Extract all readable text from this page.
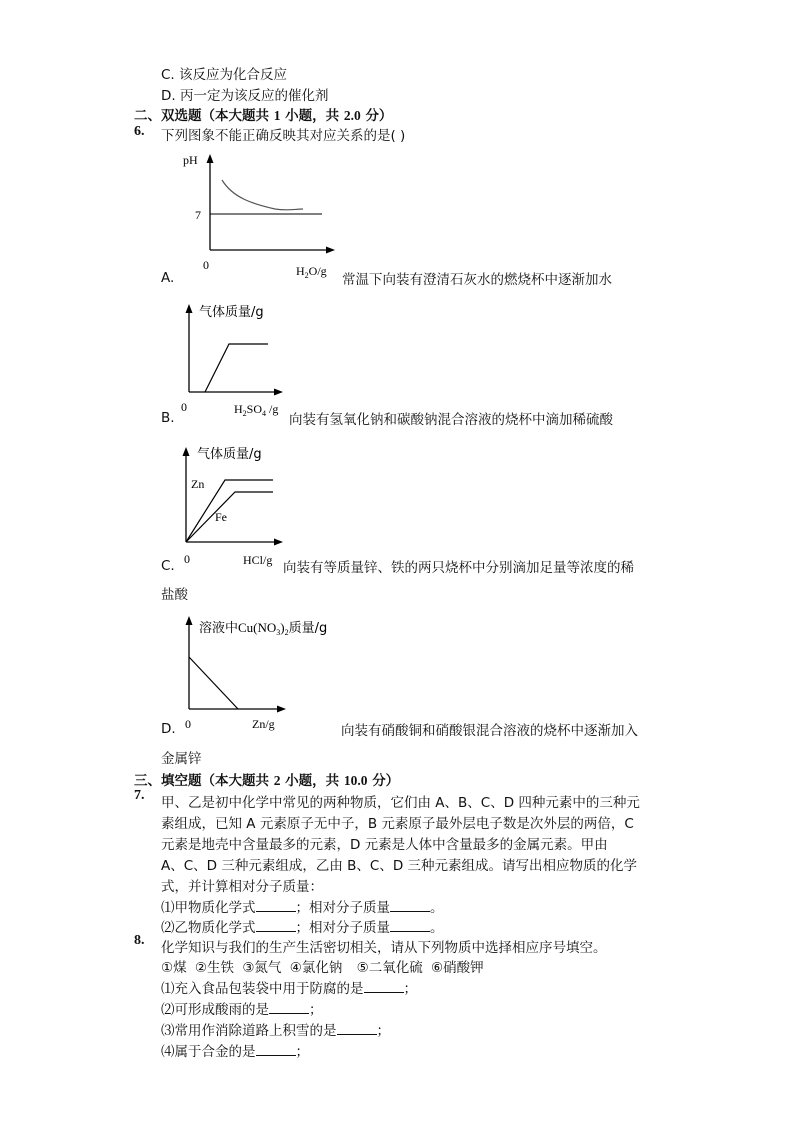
C. 该反应为化合反应
D. 丙一定为该反应的催化剂
二、双选题（本大题共 1 小题，共 2.0 分）
6. 下列图象不能正确反映其对应关系的是( )
pH
7
0	$H_2O/g$
A.	常温下向装有澄清石灰水的燃烧杯中逐渐加水
气体质量/g
0	$H_2SO_4$ /g
B.	向装有氢氧化钠和碳酸钠混合溶液的烧杯中滴加稀硫酸
气体质量/g
Zn
Fe
0	HCl/g
C.	向装有等质量锌、铁的两只烧杯中分别滴加足量等浓度的稀
盐酸
溶液中$Cu(NO_3)_2$质量/g
0	Zn/g
D.	向装有硝酸铜和硝酸银混合溶液的烧杯中逐渐加入
金属锌
三、填空题（本大题共 2 小题，共 10.0 分）
7. 甲、乙是初中化学中常见的两种物质，它们由 A、B、C、D 四种元素中的三种元
素组成，已知 A 元素原子无中子，B 元素原子最外层电子数是次外层的两倍，C
元素是地壳中含量最多的元素，D 元素是人体中含量最多的金属元素。甲由
A、C、D 三种元素组成，乙由 B、C、D 三种元素组成。请写出相应物质的化学
式，并计算相对分子质量：
⑴甲物质化学式	；相对分子质量	。
⑵乙物质化学式	；相对分子质量	。
8. 化学知识与我们的生产生活密切相关，请从下列物质中选择相应序号填空。
①煤 ②生铁 ③氮气 ④氯化钠 ⑤二氧化硫 ⑥硝酸钾
⑴充入食品包装袋中用于防腐的是	；
⑵可形成酸雨的是	；
⑶常用作消除道路上积雪的是	；
⑷属于合金的是	；
